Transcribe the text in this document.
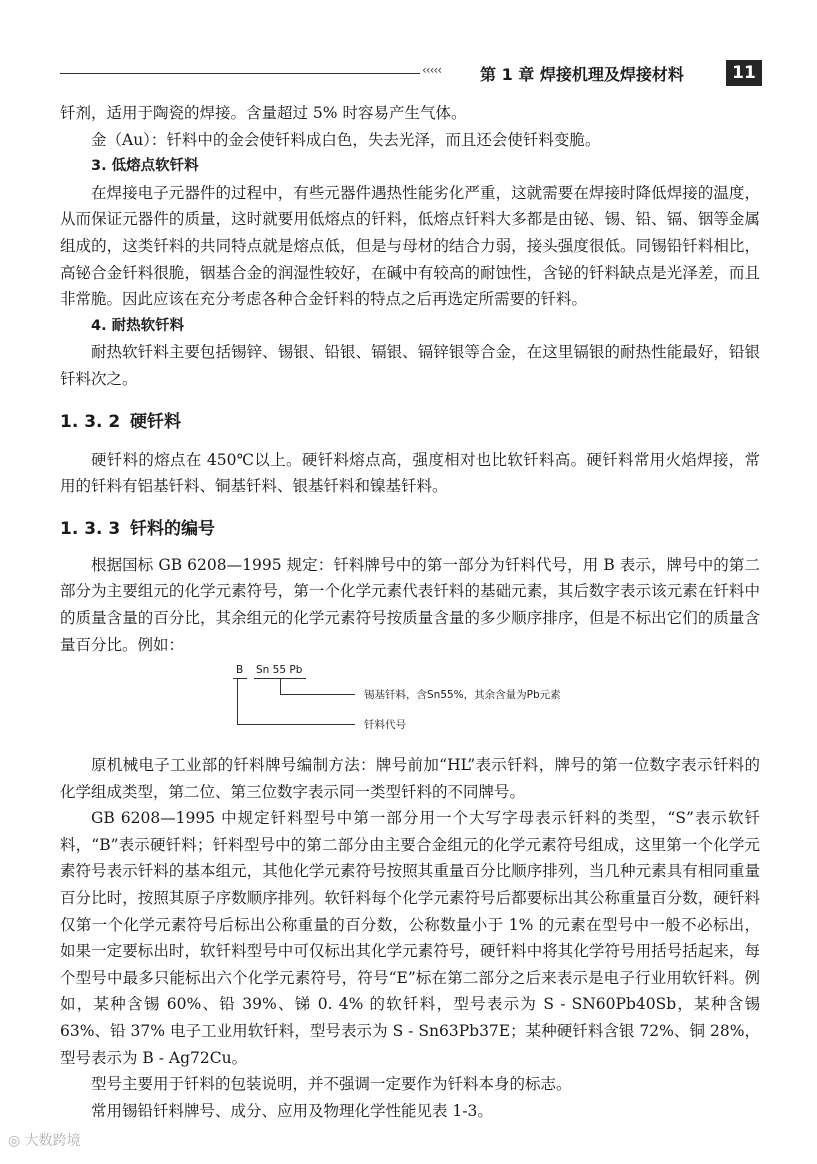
‹‹‹‹‹ 第 1 章 焊接机理及焊接材料	11

钎剂，适用于陶瓷的焊接。含量超过 5% 时容易产生气体。

金（Au）：钎料中的金会使钎料成白色，失去光泽，而且还会使钎料变脆。

3. 低熔点软钎料

在焊接电子元器件的过程中，有些元器件遇热性能劣化严重，这就需要在焊接时降低焊接的温度，从而保证元器件的质量，这时就要用低熔点的钎料，低熔点钎料大多都是由铋、锡、铅、镉、铟等金属组成的，这类钎料的共同特点就是熔点低，但是与母材的结合力弱，接头强度很低。同锡铅钎料相比，高铋合金钎料很脆，铟基合金的润湿性较好，在碱中有较高的耐蚀性，含铋的钎料缺点是光泽差，而且非常脆。因此应该在充分考虑各种合金钎料的特点之后再选定所需要的钎料。

4. 耐热软钎料

耐热软钎料主要包括锡锌、锡银、铅银、镉银、镉锌银等合金，在这里镉银的耐热性能最好，铅银钎料次之。

1. 3. 2 硬钎料

硬钎料的熔点在 450℃以上。硬钎料熔点高，强度相对也比软钎料高。硬钎料常用火焰焊接，常用的钎料有铝基钎料、铜基钎料、银基钎料和镍基钎料。

1. 3. 3 钎料的编号

根据国标 GB 6208—1995 规定：钎料牌号中的第一部分为钎料代号，用 B 表示，牌号中的第二部分为主要组元的化学元素符号，第一个化学元素代表钎料的基础元素，其后数字表示该元素在钎料中的质量含量的百分比，其余组元的化学元素符号按质量含量的多少顺序排序，但是不标出它们的质量含量百分比。例如：

B Sn 55 Pb
锡基钎料，含Sn55%，其余含量为Pb元素
钎料代号

原机械电子工业部的钎料牌号编制方法：牌号前加“HL”表示钎料，牌号的第一位数字表示钎料的化学组成类型，第二位、第三位数字表示同一类型钎料的不同牌号。

GB 6208—1995 中规定钎料型号中第一部分用一个大写字母表示钎料的类型，“S”表示软钎料，“B”表示硬钎料；钎料型号中的第二部分由主要合金组元的化学元素符号组成，这里第一个化学元素符号表示钎料的基本组元，其他化学元素符号按照其重量百分比顺序排列，当几种元素具有相同重量百分比时，按照其原子序数顺序排列。软钎料每个化学元素符号后都要标出其公称重量百分数，硬钎料仅第一个化学元素符号后标出公称重量的百分数，公称数量小于 1% 的元素在型号中一般不必标出，如果一定要标出时，软钎料型号中可仅标出其化学元素符号，硬钎料中将其化学符号用括号括起来，每个型号中最多只能标出六个化学元素符号，符号“E”标在第二部分之后来表示是电子行业用软钎料。例如，某种含锡 60%、铅 39%、锑 0. 4% 的软钎料，型号表示为 S - SN60Pb40Sb，某种含锡 63%、铅 37% 电子工业用软钎料，型号表示为 S - Sn63Pb37E；某种硬钎料含银 72%、铜 28%，型号表示为 B - Ag72Cu。

型号主要用于钎料的包装说明，并不强调一定要作为钎料本身的标志。

常用锡铅钎料牌号、成分、应用及物理化学性能见表 1-3。

◎ 大数跨境
